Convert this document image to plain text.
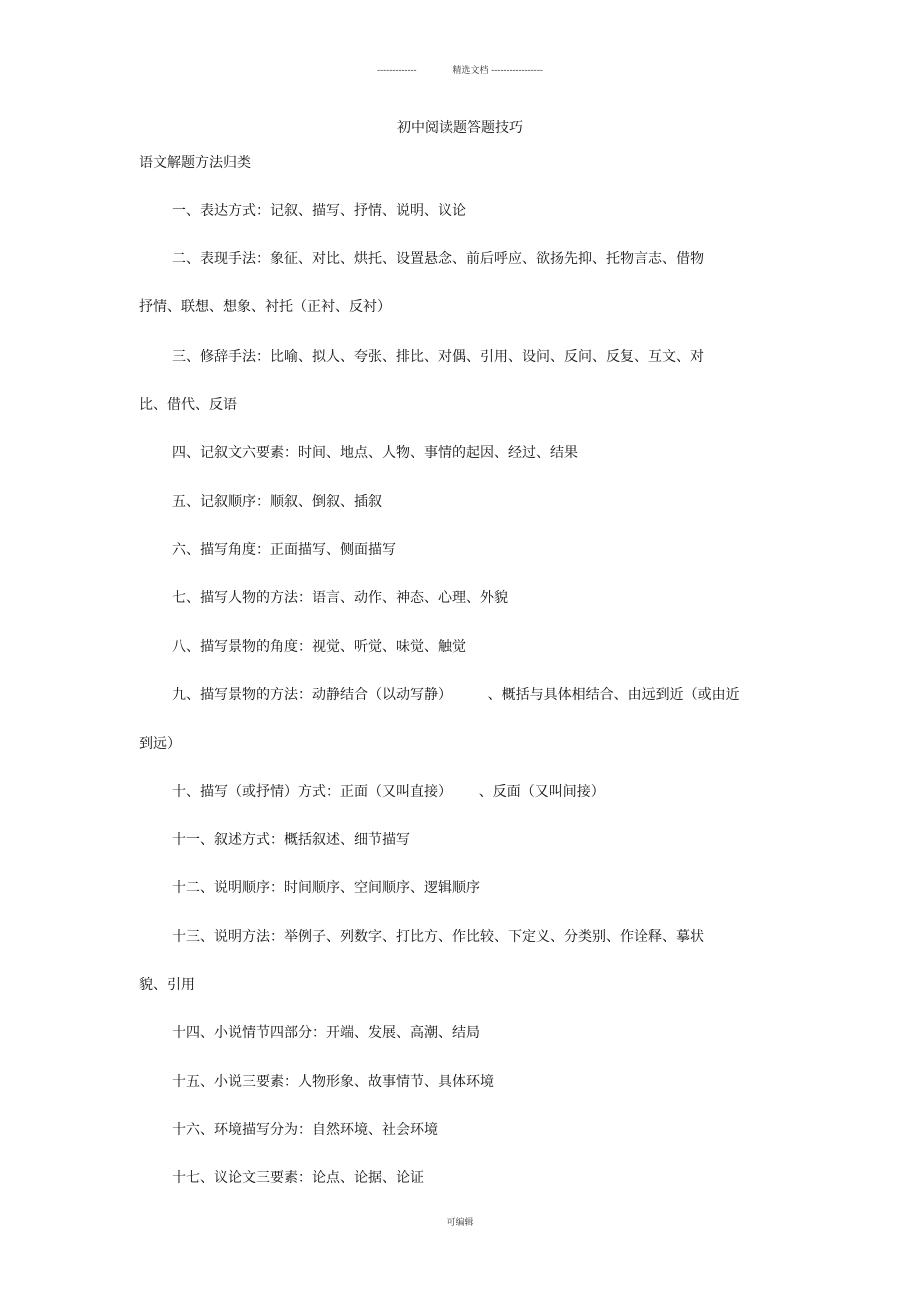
-------------	精选文档 -----------------
初中阅读题答题技巧
语文解题方法归类
一、表达方式：记叙、描写、抒情、说明、议论
二、表现手法：象征、对比、烘托、设置悬念、前后呼应、欲扬先抑、托物言志、借物
抒情、联想、想象、衬托（正衬、反衬）
三、修辞手法：比喻、拟人、夸张、排比、对偶、引用、设问、反问、反复、互文、对
比、借代、反语
四、记叙文六要素：时间、地点、人物、事情的起因、经过、结果
五、记叙顺序：顺叙、倒叙、插叙
六、描写角度：正面描写、侧面描写
七、描写人物的方法：语言、动作、神态、心理、外貌
八、描写景物的角度：视觉、听觉、味觉、触觉
九、描写景物的方法：动静结合（以动写静）        、概括与具体相结合、由远到近（或由近
到远）
十、描写（或抒情）方式：正面（又叫直接）      、反面（又叫间接）
十一、叙述方式：概括叙述、细节描写
十二、说明顺序：时间顺序、空间顺序、逻辑顺序
十三、说明方法：举例子、列数字、打比方、作比较、下定义、分类别、作诠释、摹状
貌、引用
十四、小说情节四部分：开端、发展、高潮、结局
十五、小说三要素：人物形象、故事情节、具体环境
十六、环境描写分为：自然环境、社会环境
十七、议论文三要素：论点、论据、论证
可编辑
